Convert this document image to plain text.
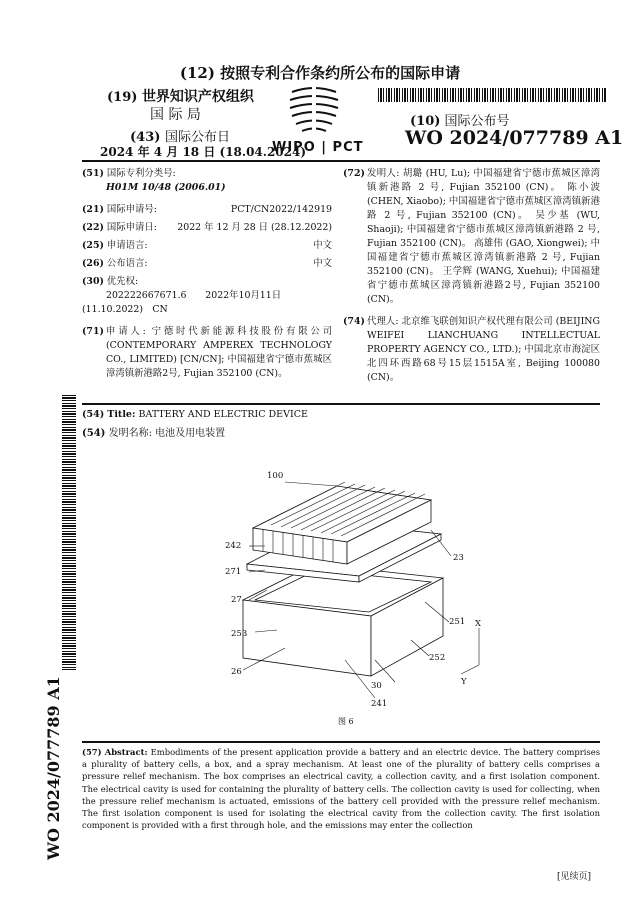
(12) 按照专利合作条约所公布的国际申请
(19) 世界知识产权组织
国 际 局
(43) 国际公布日
2024 年 4 月 18 日 (18.04.2024)
WIPO | PCT
(10) 国际公布号
WO 2024/077789 A1
(51) 国际专利分类号:
H01M 10/48 (2006.01)
(21) 国际申请号:	PCT/CN2022/142919
(22) 国际申请日: 2022 年 12 月 28 日 (28.12.2022)
(25) 申请语言:	中文
(26) 公布语言:	中文
(30) 优先权:
202222667671.6　　2022年10月11日 (11.10.2022)　CN
(71) 申请人: 宁德时代新能源科技股份有限公司 (CONTEMPORARY AMPEREX TECHNOLOGY CO., LIMITED) [CN/CN]; 中国福建省宁德市蕉城区漳湾镇新港路2号, Fujian 352100 (CN)。
(72) 发明人: 胡璐 (HU, Lu); 中国福建省宁德市蕉城区漳湾镇新港路 2 号, Fujian 352100 (CN)。 陈小波 (CHEN, Xiaobo); 中国福建省宁德市蕉城区漳湾镇新港路 2 号, Fujian 352100 (CN)。 吴少基 (WU, Shaoji); 中国福建省宁德市蕉城区漳湾镇新港路 2 号, Fujian 352100 (CN)。 高雄伟 (GAO, Xiongwei); 中国福建省宁德市蕉城区漳湾镇新港路 2 号, Fujian 352100 (CN)。 王学辉 (WANG, Xuehui); 中国福建省宁德市蕉城区漳湾镇新港路2号, Fujian 352100 (CN)。
(74) 代理人: 北京维飞联创知识产权代理有限公司 (BEIJING WEIFEI LIANCHUANG INTELLECTUAL PROPERTY AGENCY CO., LTD.); 中国北京市海淀区北四环西路68号15层1515A室, Beijing 100080 (CN)。
WO 2024/077789 A1
(54) Title: BATTERY AND ELECTRIC DEVICE
(54) 发明名称: 电池及用电装置
100
242
271
27
253
26
30
241
23
251
252
X
Y
图 6
(57) Abstract: Embodiments of the present application provide a battery and an electric device. The battery comprises a plurality of battery cells, a box, and a spray mechanism. At least one of the plurality of battery cells comprises a pressure relief mechanism. The box comprises an electrical cavity, a collection cavity, and a first isolation component. The electrical cavity is used for containing the plurality of battery cells. The collection cavity is used for collecting, when the pressure relief mechanism is actuated, emissions of the battery cell provided with the pressure relief mechanism. The first isolation component is used for isolating the electrical cavity from the collection cavity. The first isolation component is provided with a first through hole, and the emissions may enter the collection
[见续页]
